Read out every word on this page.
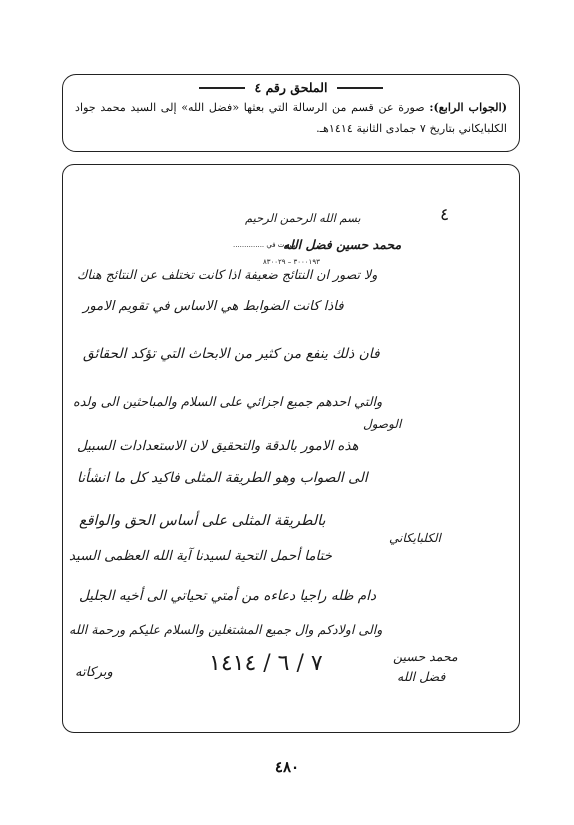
الملحق رقم ٤
(الجواب الرابع): صورة عن قسم من الرسالة التي بعثها «فضل الله» إلى السيد محمد جواد الكلبايكاني بتاريخ ٧ جمادى الثانية ١٤١٤هـ.
٤
بسم الله الرحمن الرحيم
محمد حسين فضل الله
بيروت في ..............
٣٠٠٠١٩٣ – ٨٣٠٠٢٩
ولا تصور ان النتائج ضعيفة اذا كانت تختلف عن النتائج هناك
فاذا كانت الضوابط هي الاساس في تقويم الامور
فان ذلك ينفع من كثير من الابحاث التي تؤكد الحقائق
والتي احدهم جميع اجزائي على السلام والمباحثين الى ولده
هذه الامور بالدقة والتحقيق لان الاستعدادات السبيل
الوصول
الى الصواب وهو الطريقة المثلى فاكيد كل ما انشأنا
بالطريقة المثلى على أساس الحق والواقع
ختاما أحمل التحية لسيدنا آية الله العظمى السيد
الكلبايكاني
دام ظله راجيا دعاءه من أمتي تحياتي الى أخيه الجليل
والى اولادكم وال جميع المشتغلين والسلام عليكم ورحمة الله
وبركاته	٧ / ٦ / ١٤١٤	محمد حسين
فضل الله
٤٨٠
